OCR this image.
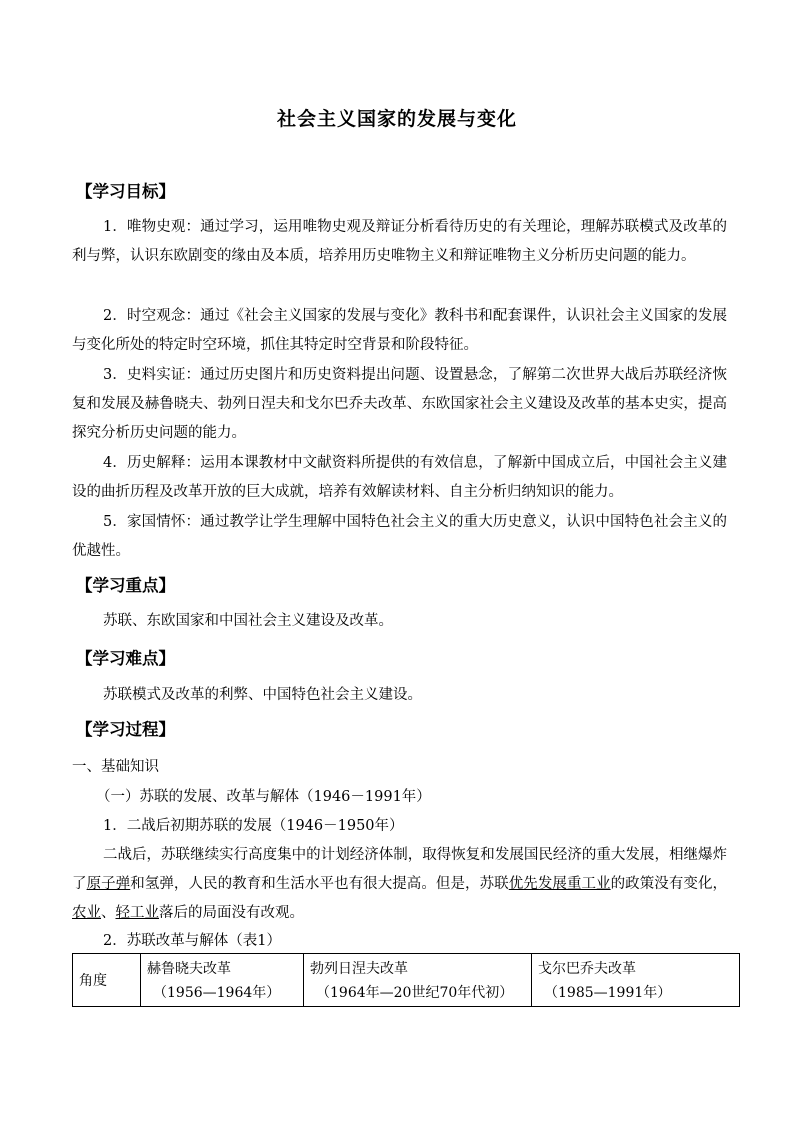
社会主义国家的发展与变化
【学习目标】
1．唯物史观：通过学习，运用唯物史观及辩证分析看待历史的有关理论，理解苏联模式及改革的利与弊，认识东欧剧变的缘由及本质，培养用历史唯物主义和辩证唯物主义分析历史问题的能力。
2．时空观念：通过《社会主义国家的发展与变化》教科书和配套课件，认识社会主义国家的发展与变化所处的特定时空环境，抓住其特定时空背景和阶段特征。
3．史料实证：通过历史图片和历史资料提出问题、设置悬念，了解第二次世界大战后苏联经济恢复和发展及赫鲁晓夫、勃列日涅夫和戈尔巴乔夫改革、东欧国家社会主义建设及改革的基本史实，提高探究分析历史问题的能力。
4．历史解释：运用本课教材中文献资料所提供的有效信息，了解新中国成立后，中国社会主义建设的曲折历程及改革开放的巨大成就，培养有效解读材料、自主分析归纳知识的能力。
5．家国情怀：通过教学让学生理解中国特色社会主义的重大历史意义，认识中国特色社会主义的优越性。
【学习重点】
苏联、东欧国家和中国社会主义建设及改革。
【学习难点】
苏联模式及改革的利弊、中国特色社会主义建设。
【学习过程】
一、基础知识
（一）苏联的发展、改革与解体（1946－1991年）
1．二战后初期苏联的发展（1946－1950年）
二战后，苏联继续实行高度集中的计划经济体制，取得恢复和发展国民经济的重大发展，相继爆炸了原子弹和氢弹，人民的教育和生活水平也有很大提高。但是，苏联优先发展重工业的政策没有变化，农业、轻工业落后的局面没有改观。
2．苏联改革与解体（表1）
角度	赫鲁晓夫改革
（1956—1964年）
	勃列日涅夫改革
（1964年—20世纪70年代初）
	戈尔巴乔夫改革
（1985—1991年）
